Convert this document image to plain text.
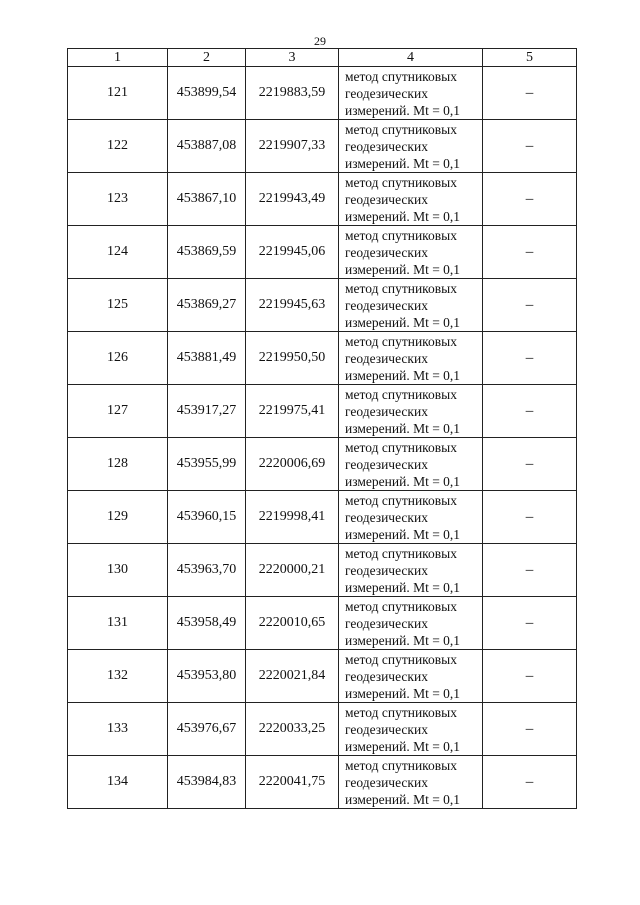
29
1	2	3	4	5
121	453899,54	2219883,59	метод спутниковых
геодезических
измерений. Mt = 0,1	–
122	453887,08	2219907,33	метод спутниковых
геодезических
измерений. Mt = 0,1	–
123	453867,10	2219943,49	метод спутниковых
геодезических
измерений. Mt = 0,1	–
124	453869,59	2219945,06	метод спутниковых
геодезических
измерений. Mt = 0,1	–
125	453869,27	2219945,63	метод спутниковых
геодезических
измерений. Mt = 0,1	–
126	453881,49	2219950,50	метод спутниковых
геодезических
измерений. Mt = 0,1	–
127	453917,27	2219975,41	метод спутниковых
геодезических
измерений. Mt = 0,1	–
128	453955,99	2220006,69	метод спутниковых
геодезических
измерений. Mt = 0,1	–
129	453960,15	2219998,41	метод спутниковых
геодезических
измерений. Mt = 0,1	–
130	453963,70	2220000,21	метод спутниковых
геодезических
измерений. Mt = 0,1	–
131	453958,49	2220010,65	метод спутниковых
геодезических
измерений. Mt = 0,1	–
132	453953,80	2220021,84	метод спутниковых
геодезических
измерений. Mt = 0,1	–
133	453976,67	2220033,25	метод спутниковых
геодезических
измерений. Mt = 0,1	–
134	453984,83	2220041,75	метод спутниковых
геодезических
измерений. Mt = 0,1	–
